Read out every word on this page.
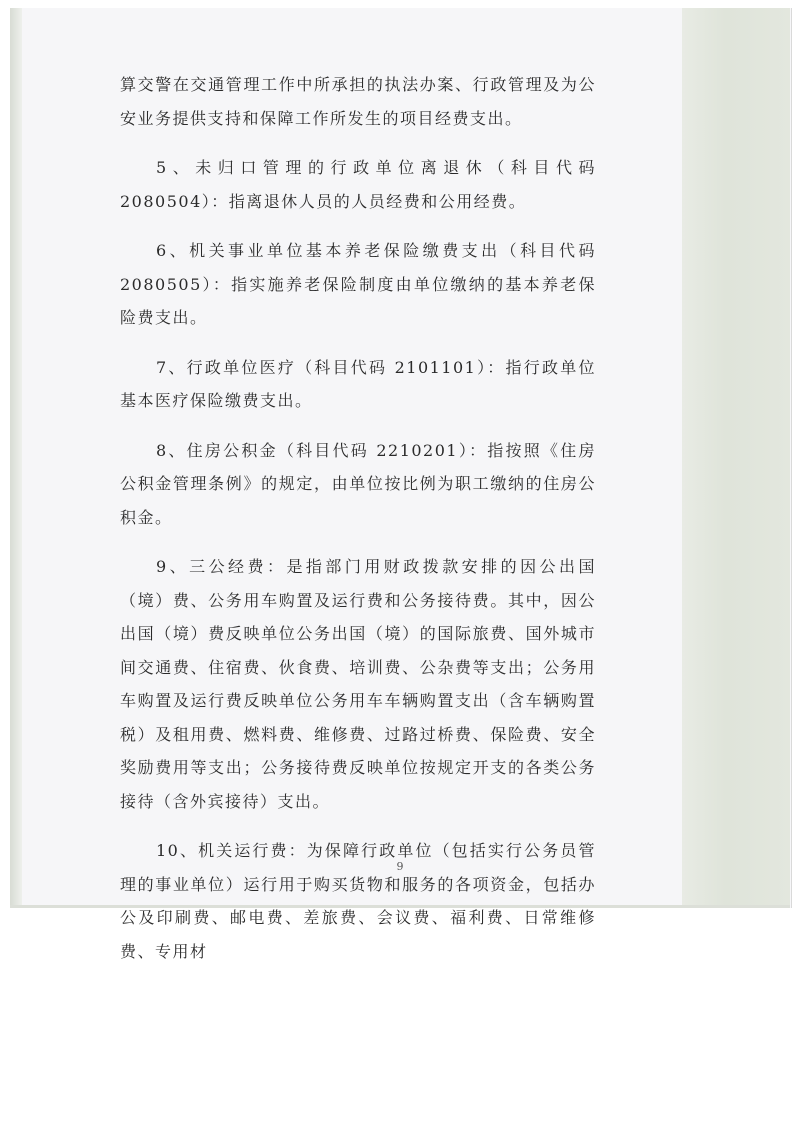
算交警在交通管理工作中所承担的执法办案、行政管理及为公安业务提供支持和保障工作所发生的项目经费支出。

5、未归口管理的行政单位离退休（科目代码 2080504）：指离退休人员的人员经费和公用经费。

6、机关事业单位基本养老保险缴费支出（科目代码2080505）：指实施养老保险制度由单位缴纳的基本养老保险费支出。

7、行政单位医疗（科目代码 2101101）：指行政单位基本医疗保险缴费支出。

8、住房公积金（科目代码 2210201）：指按照《住房公积金管理条例》的规定，由单位按比例为职工缴纳的住房公积金。

9、三公经费：是指部门用财政拨款安排的因公出国（境）费、公务用车购置及运行费和公务接待费。其中，因公出国（境）费反映单位公务出国（境）的国际旅费、国外城市间交通费、住宿费、伙食费、培训费、公杂费等支出；公务用车购置及运行费反映单位公务用车车辆购置支出（含车辆购置税）及租用费、燃料费、维修费、过路过桥费、保险费、安全奖励费用等支出；公务接待费反映单位按规定开支的各类公务接待（含外宾接待）支出。

10、机关运行费：为保障行政单位（包括实行公务员管理的事业单位）运行用于购买货物和服务的各项资金，包括办公及印刷费、邮电费、差旅费、会议费、福利费、日常维修费、专用材

9
